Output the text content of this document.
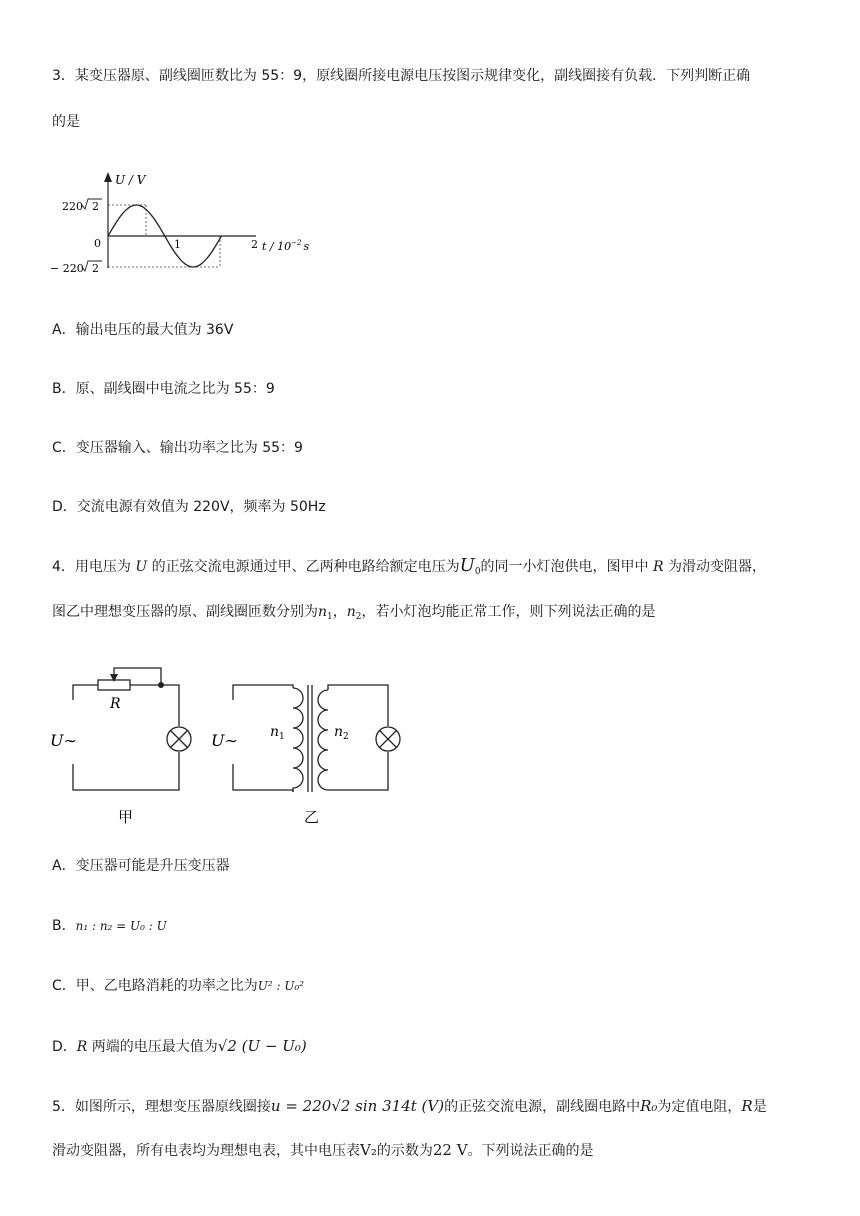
3．某变压器原、副线圈匝数比为 55：9，原线圈所接电源电压按图示规律变化，副线圈接有负载．下列判断正确
的是
U / V
220 2
0	1	2 t / $10^{-2}$ s
− 220 2
A．输出电压的最大值为 36V
B．原、副线圈中电流之比为 55：9
C．变压器输入、输出功率之比为 55：9
D．交流电源有效值为 220V，频率为 50Hz
4．用电压为 U 的正弦交流电源通过甲、乙两种电路给额定电压为$U_0$的同一小灯泡供电，图甲中 R 为滑动变阻器，
图乙中理想变压器的原、副线圈匝数分别为$n_1$，$n_2$，若小灯泡均能正常工作，则下列说法正确的是
R
U∼
甲
U∼ $n_1$	$n_2$
乙
A．变压器可能是升压变压器
B．n₁ : n₂ = U₀ : U
C．甲、乙电路消耗的功率之比为U² : U₀²
D．R 两端的电压最大值为√2 (U − U₀)
5．如图所示，理想变压器原线圈接u = 220√2 sin 314t (V)的正弦交流电源，副线圈电路中R₀为定值电阻，R是
滑动变阻器，所有电表均为理想电表，其中电压表V₂的示数为22 V。下列说法正确的是
